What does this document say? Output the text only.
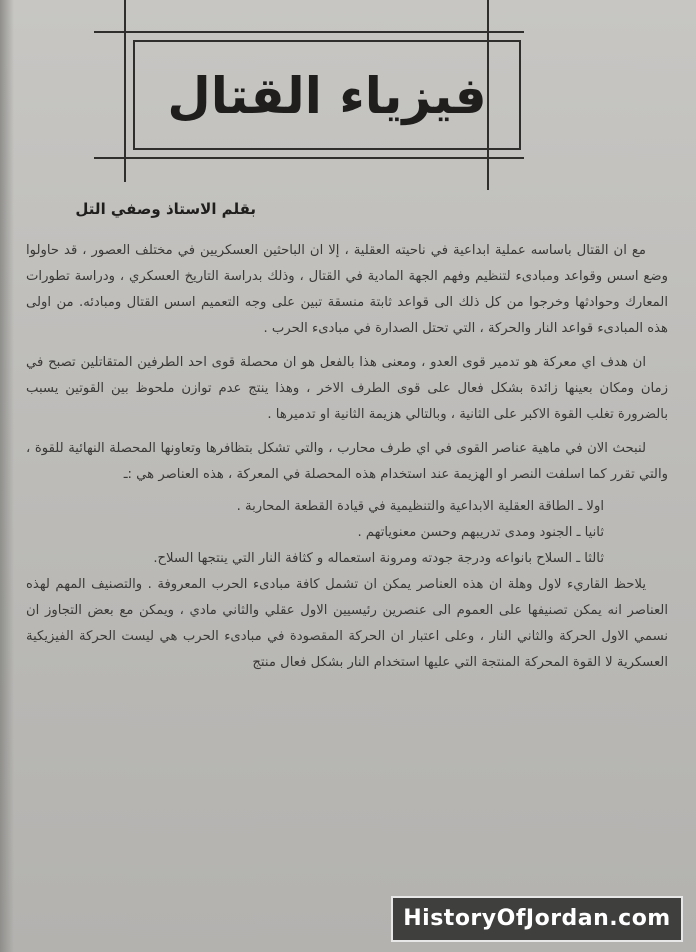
فيزياء القتال
بقلم الاستاذ وصفي التل

مع ان القتال باساسه عملية ابداعية في ناحيته العقلية ، إلا ان الباحثين العسكريين في مختلف العصور ، قد حاولوا وضع اسس وقواعد ومبادىء لتنظيم وفهم الجهة المادية في القتال ، وذلك بدراسة التاريخ العسكري ، ودراسة تطورات المعارك وحوادثها وخرجوا من كل ذلك الى قواعد ثابتة منسقة تبين على وجه التعميم اسس القتال ومبادئه. من اولى هذه المبادىء قواعد النار والحركة ، التي تحتل الصدارة في مبادىء الحرب .

ان هدف اي معركة هو تدمير قوى العدو ، ومعنى هذا بالفعل هو ان محصلة قوى احد الطرفين المتقاتلين تصبح في زمان ومكان بعينها زائدة بشكل فعال على قوى الطرف الاخر ، وهذا ينتج عدم توازن ملحوظ بين القوتين يسبب بالضرورة تغلب القوة الاكبر على الثانية ، وبالتالي هزيمة الثانية او تدميرها .

لنبحث الان في ماهية عناصر القوى في اي طرف محارب ، والتي تشكل بتظافرها وتعاونها المحصلة النهائية للقوة ، والتي تقرر كما اسلفت النصر او الهزيمة عند استخدام هذه المحصلة في المعركة ، هذه العناصر هي :ـ

اولا ـ الطاقة العقلية الابداعية والتنظيمية في قيادة القطعة المحاربة .

ثانيا ـ الجنود ومدى تدريبهم وحسن معنوياتهم .

ثالثا ـ السلاح بانواعه ودرجة جودته ومرونة استعماله و كثافة النار التي ينتجها السلاح.

يلاحظ القاريء لاول وهلة ان هذه العناصر يمكن ان تشمل كافة مبادىء الحرب المعروفة . والتصنيف المهم لهذه العناصر انه يمكن تصنيفها على العموم الى عنصرين رئيسيين الاول عقلي والثاني مادي ، ويمكن مع بعض التجاوز ان نسمي الاول الحركة والثاني النار ، وعلى اعتبار ان الحركة المقصودة في مبادىء الحرب هي ليست الحركة الفيزيكية العسكرية لا القوة المحركة المنتجة التي عليها استخدام النار بشكل فعال منتج

HistoryOfJordan.com
